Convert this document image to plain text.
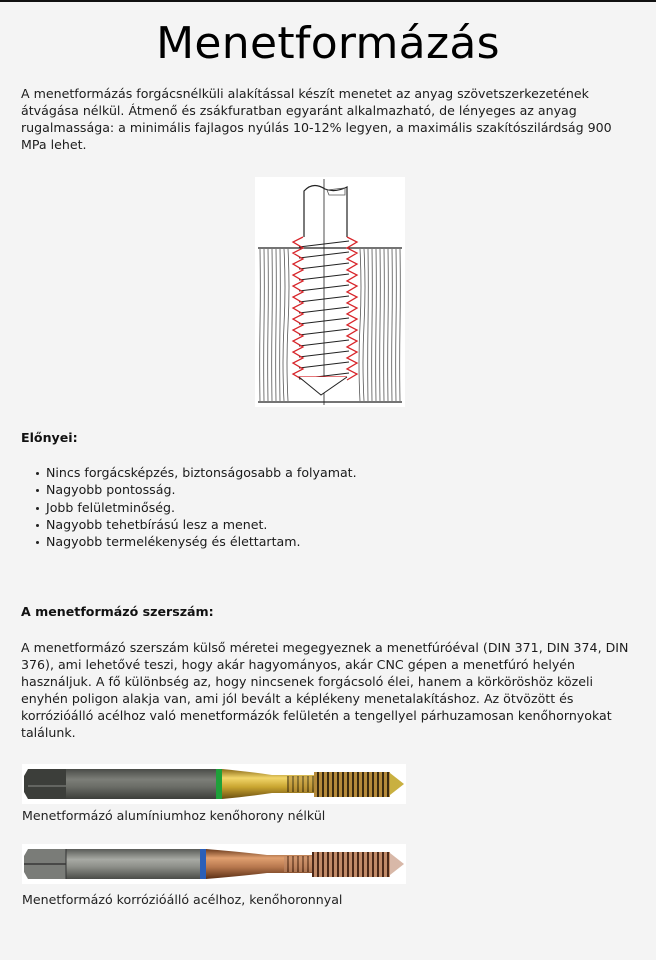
Menetformázás

A menetformázás forgácsnélküli alakítással készít menetet az anyag szövetszerkezetének átvágása nélkül. Átmenő és zsákfuratban egyaránt alkalmazható, de lényeges az anyag rugalmassága: a minimális fajlagos nyúlás 10-12% legyen, a maximális szakítószilárdság 900 MPa lehet.

Előnyei:
Nincs forgácsképzés, biztonságosabb a folyamat.
Nagyobb pontosság.
Jobb felületminőség.
Nagyobb tehetbírású lesz a menet.
Nagyobb termelékenység és élettartam.
A menetformázó szerszám:

A menetformázó szerszám külső méretei megegyeznek a menetfúróéval (DIN 371, DIN 374, DIN 376), ami lehetővé teszi, hogy akár hagyományos, akár CNC gépen a menetfúró helyén használjuk. A fő különbség az, hogy nincsenek forgácsoló élei, hanem a körköröshöz közeli enyhén poligon alakja van, ami jól bevált a képlékeny menetalakításhoz. Az ötvözött és korrózióálló acélhoz való menetformázók felületén a tengellyel párhuzamosan kenőhornyokat találunk.

Menetformázó alumíniumhoz kenőhorony nélkül

Menetformázó korrózióálló acélhoz, kenőhoronnyal
